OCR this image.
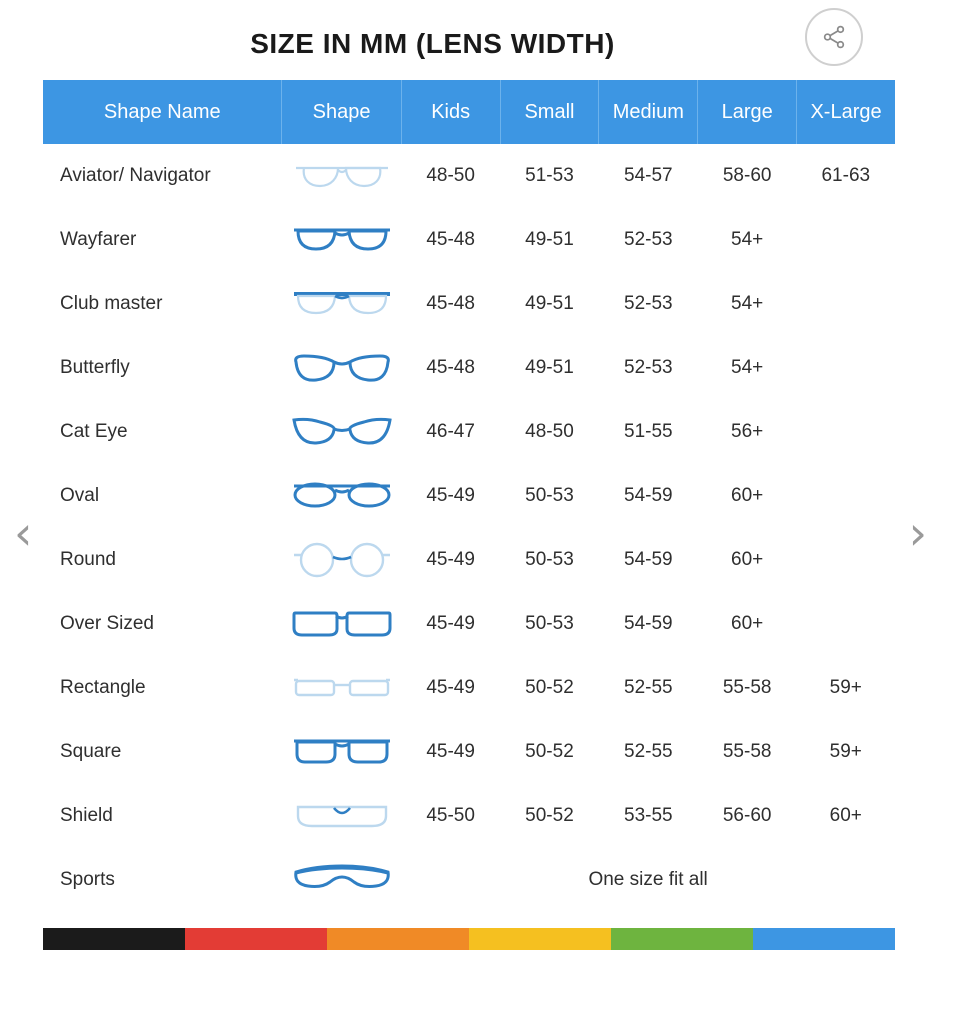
SIZE IN MM (LENS WIDTH)
Shape Name	Shape	Kids	Small	Medium	Large	X-Large
Aviator/ Navigator		48-50	51-53	54-57	58-60	61-63
Wayfarer		45-48	49-51	52-53	54+	
Club master		45-48	49-51	52-53	54+	
Butterfly		45-48	49-51	52-53	54+	
Cat Eye		46-47	48-50	51-55	56+	
Oval		45-49	50-53	54-59	60+	
Round		45-49	50-53	54-59	60+	
Over Sized		45-49	50-53	54-59	60+	
Rectangle		45-49	50-52	52-55	55-58	59+
Square		45-49	50-52	52-55	55-58	59+
Shield		45-50	50-52	53-55	56-60	60+
Sports		One size fit all				
‹	›
